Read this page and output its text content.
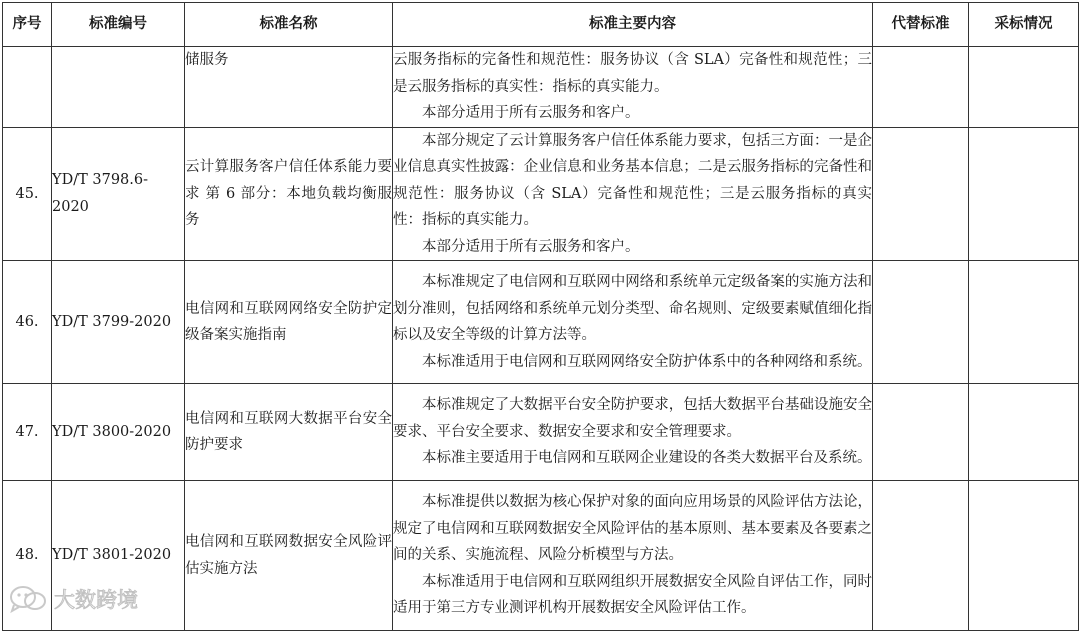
序号	标准编号	标准名称	标准主要内容	代替标准	采标情况
		储服务	云服务指标的完备性和规范性：服务协议（含 SLA）完备性和规范性；三是云服务指标的真实性：指标的真实能力。
本部分适用于所有云服务和客户。		

45.	YD/T 3798.6-2020	云计算服务客户信任体系能力要求 第 6 部分：本地负载均衡服务	本部分规定了云计算服务客户信任体系能力要求，包括三方面：一是企业信息真实性披露：企业信息和业务基本信息；二是云服务指标的完备性和规范性：服务协议（含 SLA）完备性和规范性；三是云服务指标的真实性：指标的真实能力。
本部分适用于所有云服务和客户。		

46.	YD/T 3799-2020	电信网和互联网网络安全防护定级备案实施指南	本标准规定了电信网和互联网中网络和系统单元定级备案的实施方法和划分准则，包括网络和系统单元划分类型、命名规则、定级要素赋值细化指标以及安全等级的计算方法等。
本标准适用于电信网和互联网网络安全防护体系中的各种网络和系统。		

47.	YD/T 3800-2020	电信网和互联网大数据平台安全防护要求	本标准规定了大数据平台安全防护要求，包括大数据平台基础设施安全要求、平台安全要求、数据安全要求和安全管理要求。
本标准主要适用于电信网和互联网企业建设的各类大数据平台及系统。		

48.	YD/T 3801-2020	电信网和互联网数据安全风险评估实施方法	本标准提供以数据为核心保护对象的面向应用场景的风险评估方法论，规定了电信网和互联网数据安全风险评估的基本原则、基本要素及各要素之间的关系、实施流程、风险分析模型与方法。
本标准适用于电信网和互联网组织开展数据安全风险自评估工作，同时适用于第三方专业测评机构开展数据安全风险评估工作。		

大数跨境
